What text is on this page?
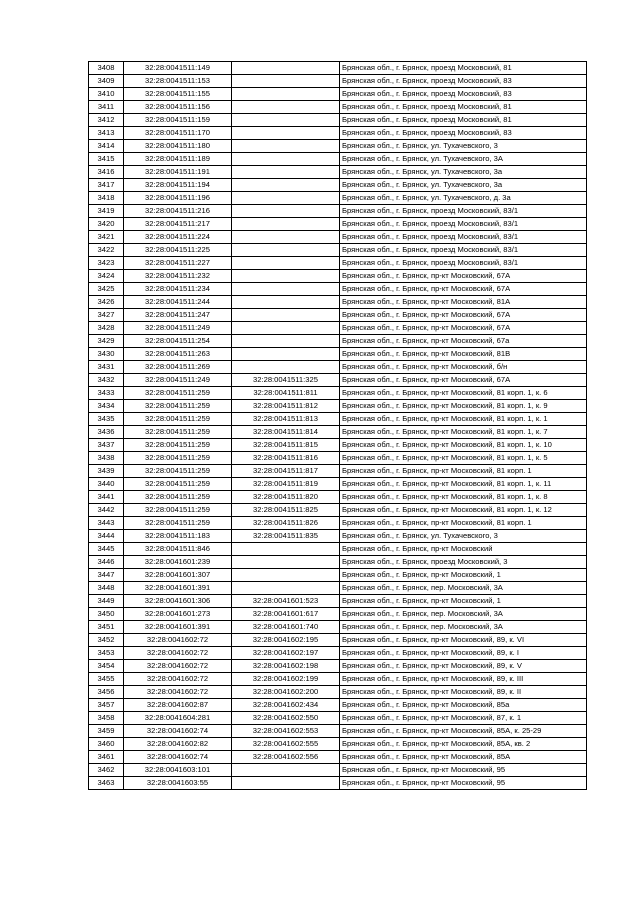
3408	32:28:0041511:149		Брянская обл., г. Брянск, проезд Московский, 81
3409	32:28:0041511:153		Брянская обл., г. Брянск, проезд Московский, 83
3410	32:28:0041511:155		Брянская обл., г. Брянск, проезд Московский, 83
3411	32:28:0041511:156		Брянская обл., г. Брянск, проезд Московский, 81
3412	32:28:0041511:159		Брянская обл., г. Брянск, проезд Московский, 81
3413	32:28:0041511:170		Брянская обл., г. Брянск, проезд Московский, 83
3414	32:28:0041511:180		Брянская обл., г. Брянск, ул. Тухачевского, 3
3415	32:28:0041511:189		Брянская обл., г. Брянск, ул. Тухачевского, 3А
3416	32:28:0041511:191		Брянская обл., г. Брянск, ул. Тухачевского, 3а
3417	32:28:0041511:194		Брянская обл., г. Брянск, ул. Тухачевского, 3а
3418	32:28:0041511:196		Брянская обл., г. Брянск, ул. Тухачевского, д. 3а
3419	32:28:0041511:216		Брянская обл., г. Брянск, проезд Московский, 83/1
3420	32:28:0041511:217		Брянская обл., г. Брянск, проезд Московский, 83/1
3421	32:28:0041511:224		Брянская обл., г. Брянск, проезд Московский, 83/1
3422	32:28:0041511:225		Брянская обл., г. Брянск, проезд Московский, 83/1
3423	32:28:0041511:227		Брянская обл., г. Брянск, проезд Московский, 83/1
3424	32:28:0041511:232		Брянская обл., г. Брянск, пр-кт Московский, 67А
3425	32:28:0041511:234		Брянская обл., г. Брянск, пр-кт Московский, 67А
3426	32:28:0041511:244		Брянская обл., г. Брянск, пр-кт Московский, 81А
3427	32:28:0041511:247		Брянская обл., г. Брянск, пр-кт Московский, 67А
3428	32:28:0041511:249		Брянская обл., г. Брянск, пр-кт Московский, 67А
3429	32:28:0041511:254		Брянская обл., г. Брянск, пр-кт Московский, 67а
3430	32:28:0041511:263		Брянская обл., г. Брянск, пр-кт Московский, 81В
3431	32:28:0041511:269		Брянская обл., г. Брянск, пр-кт Московский, б/н
3432	32:28:0041511:249	32:28:0041511:325	Брянская обл., г. Брянск, пр-кт Московский, 67А
3433	32:28:0041511:259	32:28:0041511:811	Брянская обл., г. Брянск, пр-кт Московский, 81 корп. 1, к. 6
3434	32:28:0041511:259	32:28:0041511:812	Брянская обл., г. Брянск, пр-кт Московский, 81 корп. 1, к. 9
3435	32:28:0041511:259	32:28:0041511:813	Брянская обл., г. Брянск, пр-кт Московский, 81 корп. 1, к. 1
3436	32:28:0041511:259	32:28:0041511:814	Брянская обл., г. Брянск, пр-кт Московский, 81 корп. 1, к. 7
3437	32:28:0041511:259	32:28:0041511:815	Брянская обл., г. Брянск, пр-кт Московский, 81 корп. 1, к. 10
3438	32:28:0041511:259	32:28:0041511:816	Брянская обл., г. Брянск, пр-кт Московский, 81 корп. 1, к. 5
3439	32:28:0041511:259	32:28:0041511:817	Брянская обл., г. Брянск, пр-кт Московский, 81 корп. 1
3440	32:28:0041511:259	32:28:0041511:819	Брянская обл., г. Брянск, пр-кт Московский, 81 корп. 1, к. 11
3441	32:28:0041511:259	32:28:0041511:820	Брянская обл., г. Брянск, пр-кт Московский, 81 корп. 1, к. 8
3442	32:28:0041511:259	32:28:0041511:825	Брянская обл., г. Брянск, пр-кт Московский, 81 корп. 1, к. 12
3443	32:28:0041511:259	32:28:0041511:826	Брянская обл., г. Брянск, пр-кт Московский, 81 корп. 1
3444	32:28:0041511:183	32:28:0041511:835	Брянская обл., г. Брянск, ул. Тухачевского, 3
3445	32:28:0041511:846		Брянская обл., г. Брянск, пр-кт Московский
3446	32:28:0041601:239		Брянская обл., г. Брянск, проезд Московский, 3
3447	32:28:0041601:307		Брянская обл., г. Брянск, пр-кт Московский, 1
3448	32:28:0041601:391		Брянская обл., г. Брянск, пер. Московский, 3А
3449	32:28:0041601:306	32:28:0041601:523	Брянская обл., г. Брянск, пр-кт Московский, 1
3450	32:28:0041601:273	32:28:0041601:617	Брянская обл., г. Брянск, пер. Московский, 3А
3451	32:28:0041601:391	32:28:0041601:740	Брянская обл., г. Брянск, пер. Московский, 3А
3452	32:28:0041602:72	32:28:0041602:195	Брянская обл., г. Брянск, пр-кт Московский, 89, к. VI
3453	32:28:0041602:72	32:28:0041602:197	Брянская обл., г. Брянск, пр-кт Московский, 89, к. I
3454	32:28:0041602:72	32:28:0041602:198	Брянская обл., г. Брянск, пр-кт Московский, 89, к. V
3455	32:28:0041602:72	32:28:0041602:199	Брянская обл., г. Брянск, пр-кт Московский, 89, к. III
3456	32:28:0041602:72	32:28:0041602:200	Брянская обл., г. Брянск, пр-кт Московский, 89, к. II
3457	32:28:0041602:87	32:28:0041602:434	Брянская обл., г. Брянск, пр-кт Московский, 85а
3458	32:28:0041604:281	32:28:0041602:550	Брянская обл., г. Брянск, пр-кт Московский, 87, к. 1
3459	32:28:0041602:74	32:28:0041602:553	Брянская обл., г. Брянск, пр-кт Московский, 85А, к. 25-29
3460	32:28:0041602:82	32:28:0041602:555	Брянская обл., г. Брянск, пр-кт Московский, 85А, кв. 2
3461	32:28:0041602:74	32:28:0041602:556	Брянская обл., г. Брянск, пр-кт Московский, 85А
3462	32:28:0041603:101		Брянская обл., г. Брянск, пр-кт Московский, 95
3463	32:28:0041603:55		Брянская обл., г. Брянск, пр-кт Московский, 95
